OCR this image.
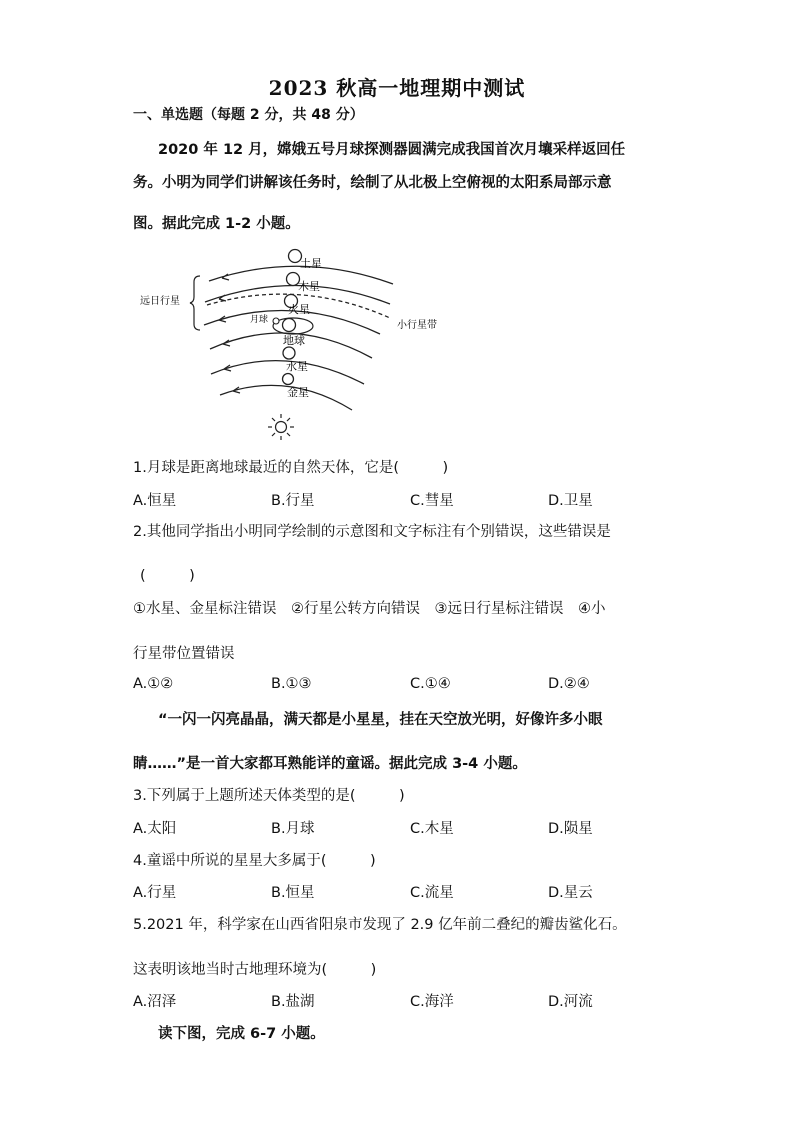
2023 秋高一地理期中测试
一、单选题（每题 2 分，共 48 分）
2020 年 12 月，嫦娥五号月球探测器圆满完成我国首次月壤采样返回任
务。小明为同学们讲解该任务时，绘制了从北极上空俯视的太阳系局部示意
图。据此完成 1-2 小题。
土星
木星
火星
月球
地球
水星
金星
远日行星
小行星带
1.月球是距离地球最近的自然天体，它是(　　　)
A.恒星	B.行星	C.彗星	D.卫星
2.其他同学指出小明同学绘制的示意图和文字标注有个别错误，这些错误是
(　　　)
①水星、金星标注错误　②行星公转方向错误　③远日行星标注错误　④小
行星带位置错误
A.①②	B.①③	C.①④	D.②④
“一闪一闪亮晶晶，满天都是小星星，挂在天空放光明，好像许多小眼
睛……”是一首大家都耳熟能详的童谣。据此完成 3-4 小题。
3.下列属于上题所述天体类型的是(　　　)
A.太阳	B.月球	C.木星	D.陨星
4.童谣中所说的星星大多属于(　　　)
A.行星	B.恒星	C.流星	D.星云
5.2021 年，科学家在山西省阳泉市发现了 2.9 亿年前二叠纪的瓣齿鲨化石。
这表明该地当时古地理环境为(　　　)
A.沼泽	B.盐湖	C.海洋	D.河流
读下图，完成 6-7 小题。
